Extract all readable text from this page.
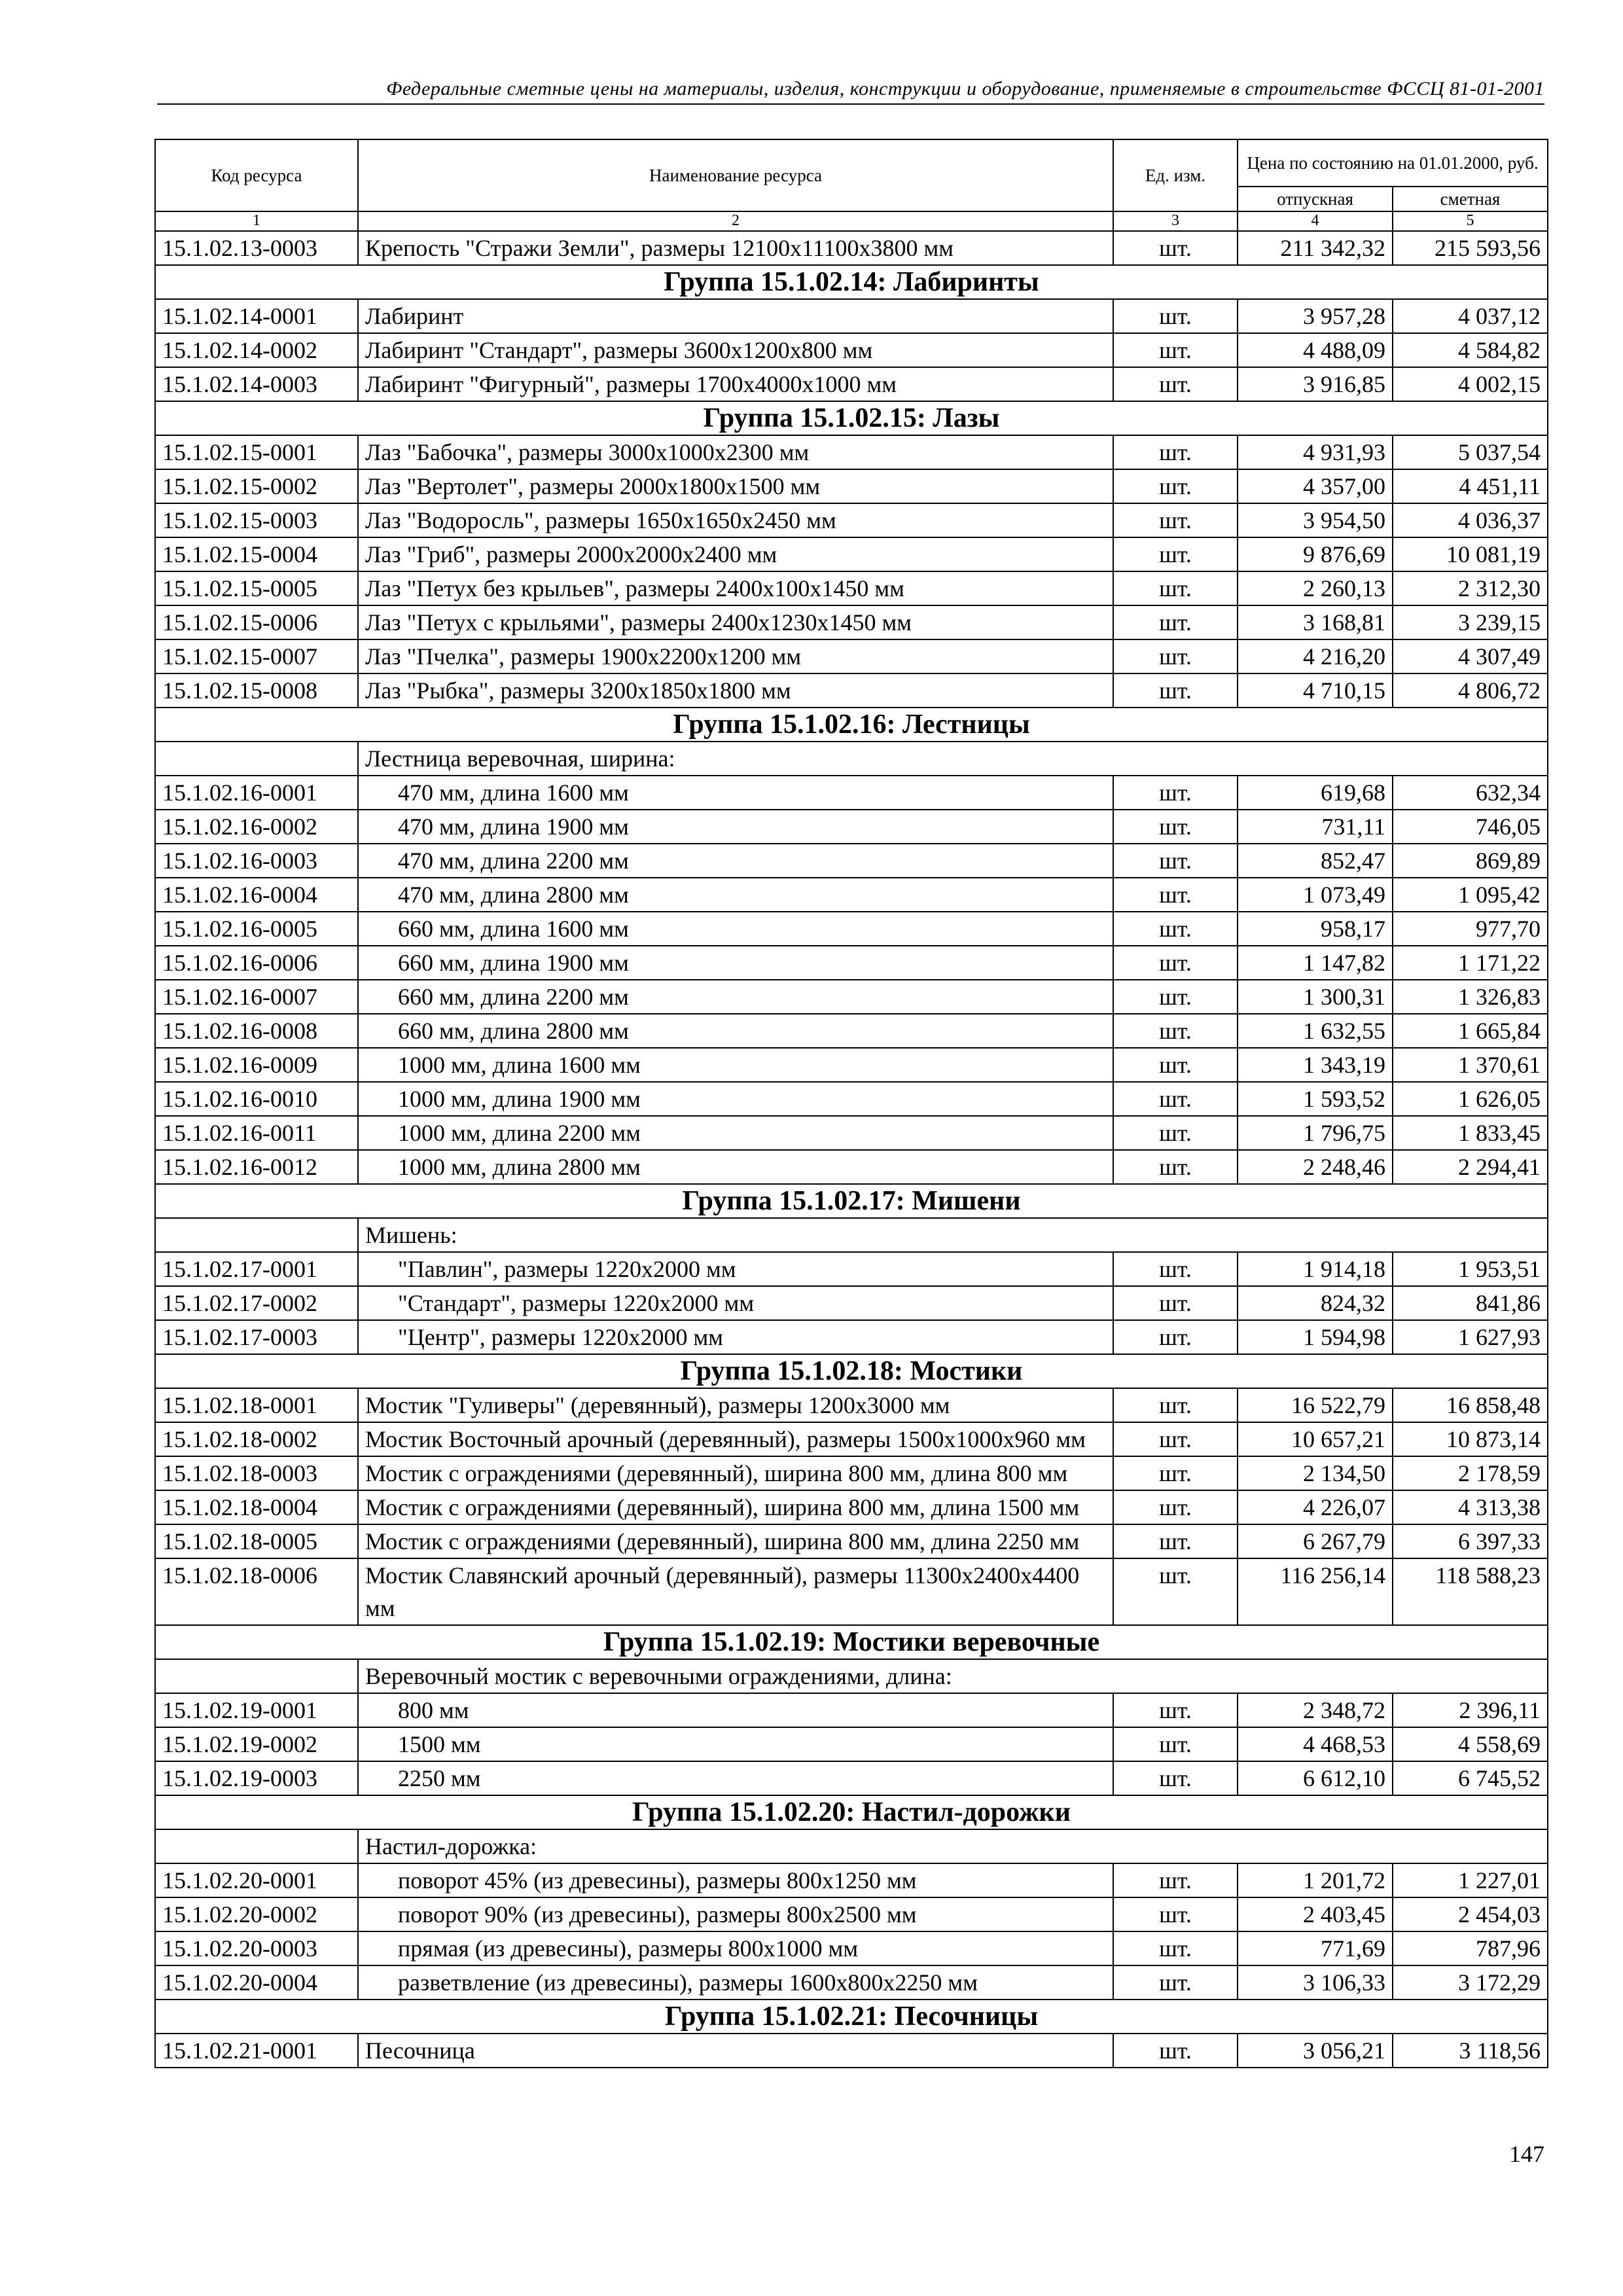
Федеральные сметные цены на материалы, изделия, конструкции и оборудование, применяемые в строительстве ФССЦ 81-01-2001
Код ресурса	Наименование ресурса	Ед. изм.	Цена по состоянию на 01.01.2000, руб.	
			отпускная	сметная
1	2	3	4	5
15.1.02.13-0003	Крепость "Стражи Земли", размеры 12100x11100x3800 мм	шт.	211 342,32	215 593,56
Группа 15.1.02.14: Лабиринты				
15.1.02.14-0001	Лабиринт	шт.	3 957,28	4 037,12
15.1.02.14-0002	Лабиринт "Стандарт", размеры 3600x1200x800 мм	шт.	4 488,09	4 584,82
15.1.02.14-0003	Лабиринт "Фигурный", размеры 1700x4000x1000 мм	шт.	3 916,85	4 002,15
Группа 15.1.02.15: Лазы				
15.1.02.15-0001	Лаз "Бабочка", размеры 3000x1000x2300 мм	шт.	4 931,93	5 037,54
15.1.02.15-0002	Лаз "Вертолет", размеры 2000x1800x1500 мм	шт.	4 357,00	4 451,11
15.1.02.15-0003	Лаз "Водоросль", размеры 1650x1650x2450 мм	шт.	3 954,50	4 036,37
15.1.02.15-0004	Лаз "Гриб", размеры 2000x2000x2400 мм	шт.	9 876,69	10 081,19
15.1.02.15-0005	Лаз "Петух без крыльев", размеры 2400x100x1450 мм	шт.	2 260,13	2 312,30
15.1.02.15-0006	Лаз "Петух с крыльями", размеры 2400x1230x1450 мм	шт.	3 168,81	3 239,15
15.1.02.15-0007	Лаз "Пчелка", размеры 1900x2200x1200 мм	шт.	4 216,20	4 307,49
15.1.02.15-0008	Лаз "Рыбка", размеры 3200x1850x1800 мм	шт.	4 710,15	4 806,72
Группа 15.1.02.16: Лестницы				
	Лестница веревочная, ширина:			
15.1.02.16-0001	470 мм, длина 1600 мм	шт.	619,68	632,34
15.1.02.16-0002	470 мм, длина 1900 мм	шт.	731,11	746,05
15.1.02.16-0003	470 мм, длина 2200 мм	шт.	852,47	869,89
15.1.02.16-0004	470 мм, длина 2800 мм	шт.	1 073,49	1 095,42
15.1.02.16-0005	660 мм, длина 1600 мм	шт.	958,17	977,70
15.1.02.16-0006	660 мм, длина 1900 мм	шт.	1 147,82	1 171,22
15.1.02.16-0007	660 мм, длина 2200 мм	шт.	1 300,31	1 326,83
15.1.02.16-0008	660 мм, длина 2800 мм	шт.	1 632,55	1 665,84
15.1.02.16-0009	1000 мм, длина 1600 мм	шт.	1 343,19	1 370,61
15.1.02.16-0010	1000 мм, длина 1900 мм	шт.	1 593,52	1 626,05
15.1.02.16-0011	1000 мм, длина 2200 мм	шт.	1 796,75	1 833,45
15.1.02.16-0012	1000 мм, длина 2800 мм	шт.	2 248,46	2 294,41
Группа 15.1.02.17: Мишени				
	Мишень:			
15.1.02.17-0001	"Павлин", размеры 1220x2000 мм	шт.	1 914,18	1 953,51
15.1.02.17-0002	"Стандарт", размеры 1220x2000 мм	шт.	824,32	841,86
15.1.02.17-0003	"Центр", размеры 1220x2000 мм	шт.	1 594,98	1 627,93
Группа 15.1.02.18: Мостики				
15.1.02.18-0001	Мостик "Гуливеры" (деревянный), размеры 1200x3000 мм	шт.	16 522,79	16 858,48
15.1.02.18-0002	Мостик Восточный арочный (деревянный), размеры 1500x1000x960 мм	шт.	10 657,21	10 873,14
15.1.02.18-0003	Мостик с ограждениями (деревянный), ширина 800 мм, длина 800 мм	шт.	2 134,50	2 178,59
15.1.02.18-0004	Мостик с ограждениями (деревянный), ширина 800 мм, длина 1500 мм	шт.	4 226,07	4 313,38
15.1.02.18-0005	Мостик с ограждениями (деревянный), ширина 800 мм, длина 2250 мм	шт.	6 267,79	6 397,33
15.1.02.18-0006	Мостик Славянский арочный (деревянный), размеры 11300x2400x4400 мм	шт.	116 256,14	118 588,23
Группа 15.1.02.19: Мостики веревочные				
	Веревочный мостик с веревочными ограждениями, длина:			
15.1.02.19-0001	800 мм	шт.	2 348,72	2 396,11
15.1.02.19-0002	1500 мм	шт.	4 468,53	4 558,69
15.1.02.19-0003	2250 мм	шт.	6 612,10	6 745,52
Группа 15.1.02.20: Настил-дорожки				
	Настил-дорожка:			
15.1.02.20-0001	поворот 45% (из древесины), размеры 800x1250 мм	шт.	1 201,72	1 227,01
15.1.02.20-0002	поворот 90% (из древесины), размеры 800x2500 мм	шт.	2 403,45	2 454,03
15.1.02.20-0003	прямая (из древесины), размеры 800x1000 мм	шт.	771,69	787,96
15.1.02.20-0004	разветвление (из древесины), размеры 1600x800x2250 мм	шт.	3 106,33	3 172,29
Группа 15.1.02.21: Песочницы				
15.1.02.21-0001	Песочница	шт.	3 056,21	3 118,56
147
